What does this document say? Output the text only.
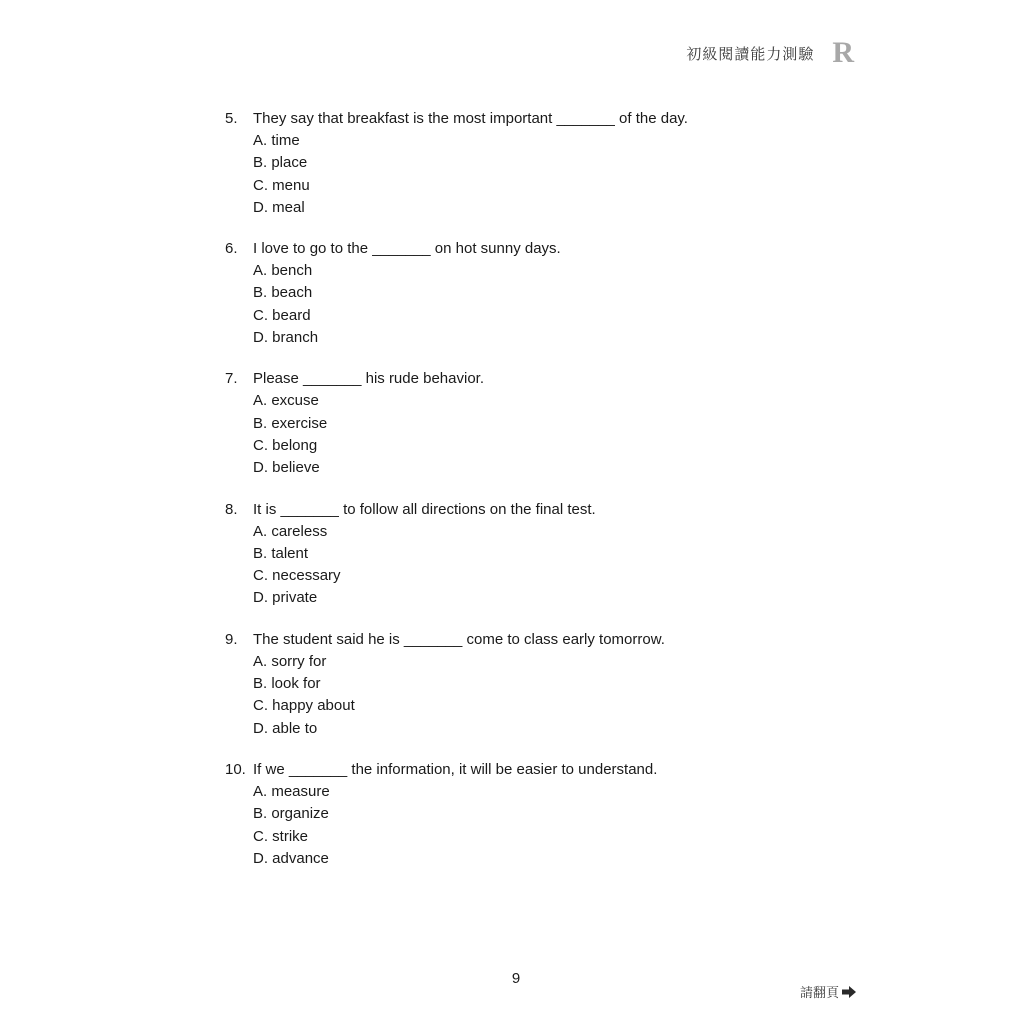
初級閱讀能力測驗 R
5.	They say that breakfast is the most important _______ of the day.
A. time
B. place
C. menu
D. meal
6.	I love to go to the _______ on hot sunny days.
A. bench
B. beach
C. beard
D. branch
7.	Please _______ his rude behavior.
A. excuse
B. exercise
C. belong
D. believe
8.	It is _______ to follow all directions on the final test.
A. careless
B. talent
C. necessary
D. private
9.	The student said he is _______ come to class early tomorrow.
A. sorry for
B. look for
C. happy about
D. able to
10. If we _______ the information, it will be easier to understand.
A. measure
B. organize
C. strike
D. advance
9
請翻頁
